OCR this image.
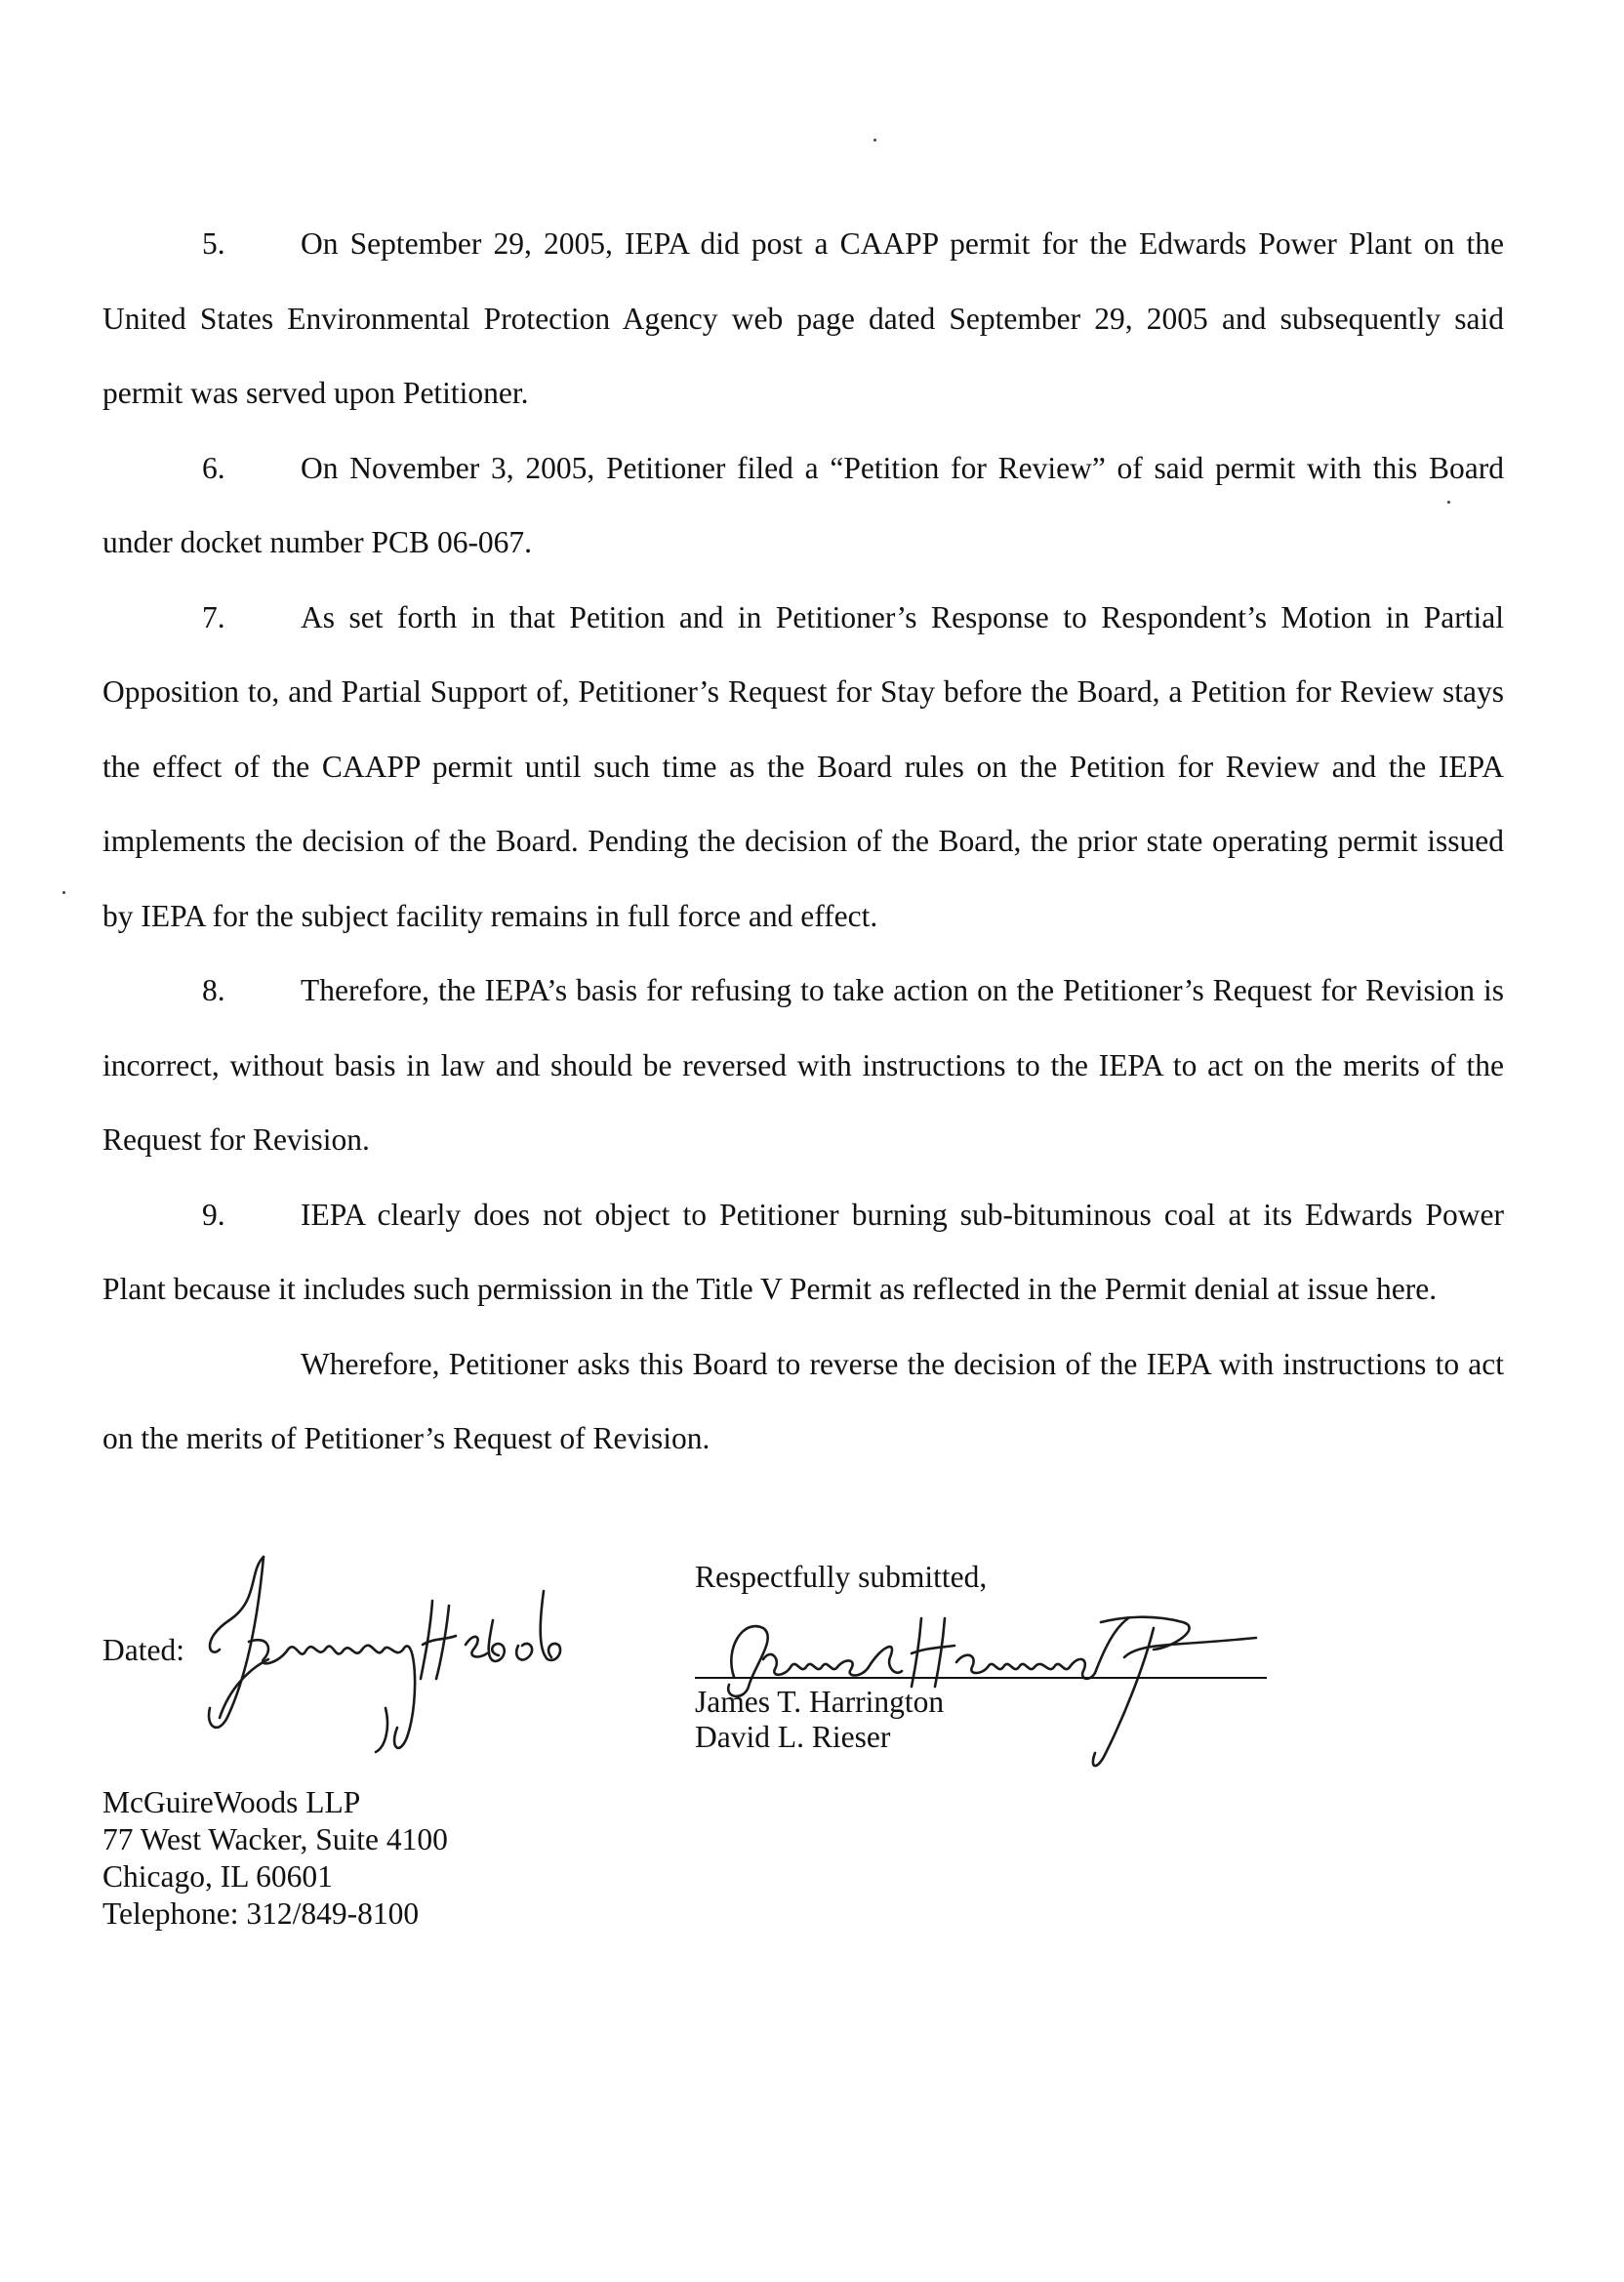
5. On September 29, 2005, IEPA did post a CAAPP permit for the Edwards Power Plant on the United States Environmental Protection Agency web page dated September 29, 2005 and subsequently said permit was served upon Petitioner.

6. On November 3, 2005, Petitioner filed a “Petition for Review” of said permit with this Board under docket number PCB 06-067.

7. As set forth in that Petition and in Petitioner’s Response to Respondent’s Motion in Partial Opposition to, and Partial Support of, Petitioner’s Request for Stay before the Board, a Petition for Review stays the effect of the CAAPP permit until such time as the Board rules on the Petition for Review and the IEPA implements the decision of the Board. Pending the decision of the Board, the prior state operating permit issued by IEPA for the subject facility remains in full force and effect.

8. Therefore, the IEPA’s basis for refusing to take action on the Petitioner’s Request for Revision is incorrect, without basis in law and should be reversed with instructions to the IEPA to act on the merits of the Request for Revision.

9. IEPA clearly does not object to Petitioner burning sub-bituminous coal at its Edwards Power Plant because it includes such permission in the Title V Permit as reflected in the Permit denial at issue here.

Wherefore, Petitioner asks this Board to reverse the decision of the IEPA with instructions to act on the merits of Petitioner’s Request of Revision.

Dated:
McGuireWoods LLP
77 West Wacker, Suite 4100
Chicago, IL 60601
Telephone: 312/849-8100
Respectfully submitted,
James T. Harrington
David L. Rieser
